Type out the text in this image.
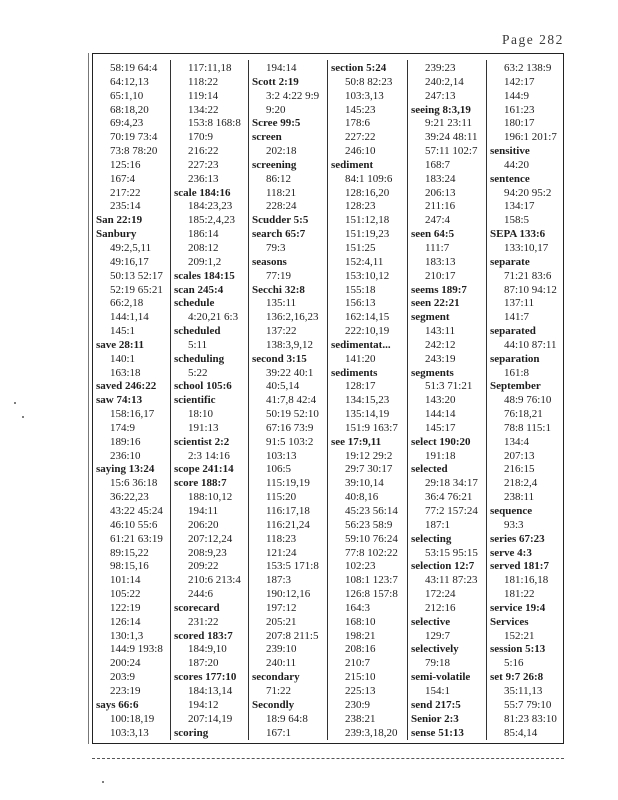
Page 282
58:19 64:4
64:12,13
65:1,10
68:18,20
69:4,23
70:19 73:4
73:8 78:20
125:16
167:4
217:22
235:14
San 22:19
Sanbury
49:2,5,11
49:16,17
50:13 52:17
52:19 65:21
66:2,18
144:1,14
145:1
save 28:11
140:1
163:18
saved 246:22
saw 74:13
158:16,17
174:9
189:16
236:10
saying 13:24
15:6 36:18
36:22,23
43:22 45:24
46:10 55:6
61:21 63:19
89:15,22
98:15,16
101:14
105:22
122:19
126:14
130:1,3
144:9 193:8
200:24
203:9
223:19
says 66:6
100:18,19
103:3,13
117:11,18
118:22
119:14
134:22
153:8 168:8
170:9
216:22
227:23
236:13
scale 184:16
184:23,23
185:2,4,23
186:14
208:12
209:1,2
scales 184:15
scan 245:4
schedule
4:20,21 6:3
scheduled
5:11
scheduling
5:22
school 105:6
scientific
18:10
191:13
scientist 2:2
2:3 14:16
scope 241:14
score 188:7
188:10,12
194:11
206:20
207:12,24
208:9,23
209:22
210:6 213:4
244:6
scorecard
231:22
scored 183:7
184:9,10
187:20
scores 177:10
184:13,14
194:12
207:14,19
scoring
194:14
Scott 2:19
3:2 4:22 9:9
9:20
Scree 99:5
screen
202:18
screening
86:12
118:21
228:24
Scudder 5:5
search 65:7
79:3
seasons
77:19
Secchi 32:8
135:11
136:2,16,23
137:22
138:3,9,12
second 3:15
39:22 40:1
40:5,14
41:7,8 42:4
50:19 52:10
67:16 73:9
91:5 103:2
103:13
106:5
115:19,19
115:20
116:17,18
116:21,24
118:23
121:24
153:5 171:8
187:3
190:12,16
197:12
205:21
207:8 211:5
239:10
240:11
secondary
71:22
Secondly
18:9 64:8
167:1
section 5:24
50:8 82:23
103:3,13
145:23
178:6
227:22
246:10
sediment
84:1 109:6
128:16,20
128:23
151:12,18
151:19,23
151:25
152:4,11
153:10,12
155:18
156:13
162:14,15
222:10,19
sedimentat...
141:20
sediments
128:17
134:15,23
135:14,19
151:9 163:7
see 17:9,11
19:12 29:2
29:7 30:17
39:10,14
40:8,16
45:23 56:14
56:23 58:9
59:10 76:24
77:8 102:22
102:23
108:1 123:7
126:8 157:8
164:3
168:10
198:21
208:16
210:7
215:10
225:13
230:9
238:21
239:3,18,20
239:23
240:2,14
247:13
seeing 8:3,19
9:21 23:11
39:24 48:11
57:11 102:7
168:7
183:24
206:13
211:16
247:4
seen 64:5
111:7
183:13
210:17
seems 189:7
seen 22:21
segment
143:11
242:12
243:19
segments
51:3 71:21
143:20
144:14
145:17
select 190:20
191:18
selected
29:18 34:17
36:4 76:21
77:2 157:24
187:1
selecting
53:15 95:15
selection 12:7
43:11 87:23
172:24
212:16
selective
129:7
selectively
79:18
semi-volatile
154:1
send 217:5
Senior 2:3
sense 51:13
63:2 138:9
142:17
144:9
161:23
180:17
196:1 201:7
sensitive
44:20
sentence
94:20 95:2
134:17
158:5
SEPA 133:6
133:10,17
separate
71:21 83:6
87:10 94:12
137:11
141:7
separated
44:10 87:11
separation
161:8
September
48:9 76:10
76:18,21
78:8 115:1
134:4
207:13
216:15
218:2,4
238:11
sequence
93:3
series 67:23
serve 4:3
served 181:7
181:16,18
181:22
service 19:4
Services
152:21
session 5:13
5:16
set 9:7 26:8
35:11,13
55:7 79:10
81:23 83:10
85:4,14
